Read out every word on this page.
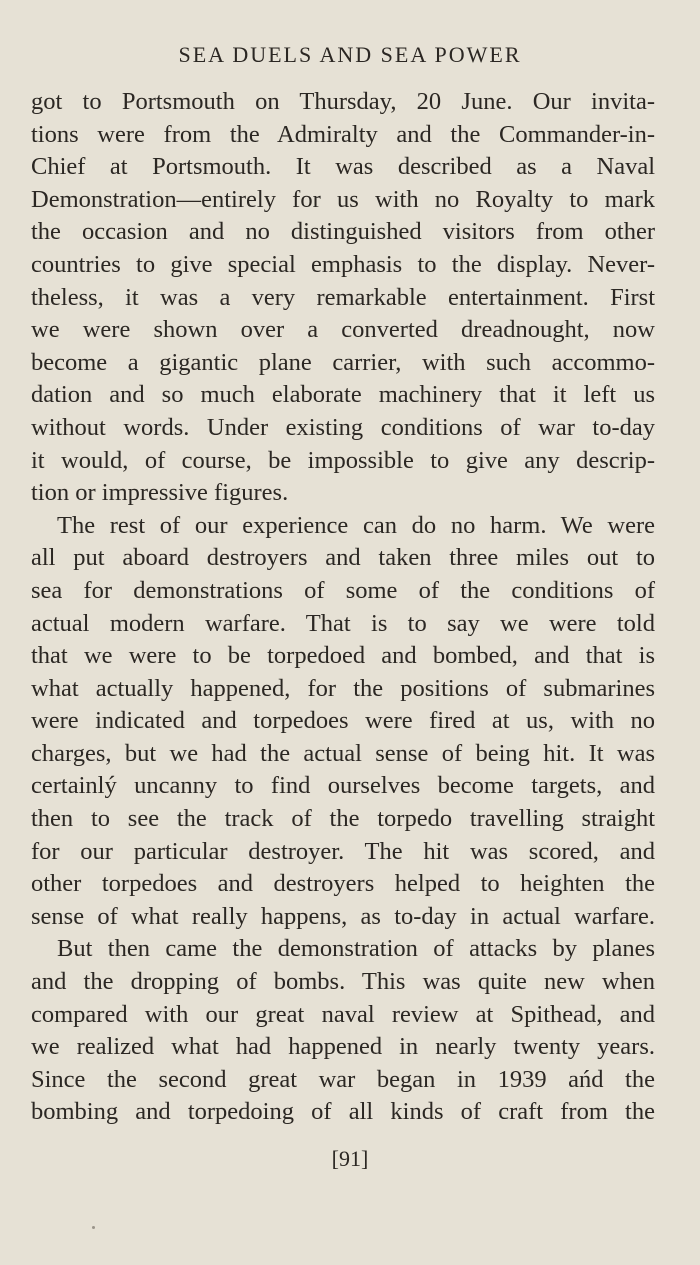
SEA DUELS AND SEA POWER
got to Portsmouth on Thursday, 20 June. Our invita-
tions were from the Admiralty and the Commander-in-
Chief at Portsmouth. It was described as a Naval
Demonstration—entirely for us with no Royalty to mark
the occasion and no distinguished visitors from other
countries to give special emphasis to the display. Never-
theless, it was a very remarkable entertainment. First
we were shown over a converted dreadnought, now
become a gigantic plane carrier, with such accommo-
dation and so much elaborate machinery that it left us
without words. Under existing conditions of war to-day
it would, of course, be impossible to give any descrip-
tion or impressive figures.
The rest of our experience can do no harm. We were
all put aboard destroyers and taken three miles out to
sea for demonstrations of some of the conditions of
actual modern warfare. That is to say we were told
that we were to be torpedoed and bombed, and that is
what actually happened, for the positions of submarines
were indicated and torpedoes were fired at us, with no
charges, but we had the actual sense of being hit. It was
certainlý uncanny to find ourselves become targets, and
then to see the track of the torpedo travelling straight
for our particular destroyer. The hit was scored, and
other torpedoes and destroyers helped to heighten the
sense of what really happens, as to-day in actual warfare.
But then came the demonstration of attacks by planes
and the dropping of bombs. This was quite new when
compared with our great naval review at Spithead, and
we realized what had happened in nearly twenty years.
Since the second great war began in 1939 ańd the
bombing and torpedoing of all kinds of craft from the
[91]
